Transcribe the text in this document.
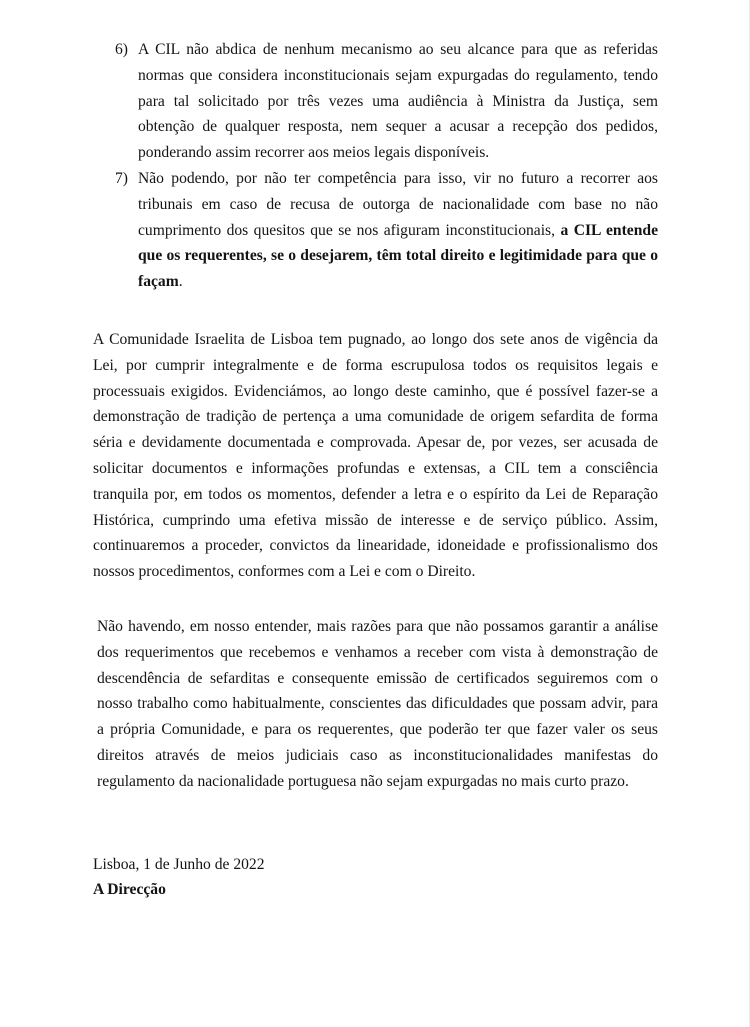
6) A CIL não abdica de nenhum mecanismo ao seu alcance para que as referidas normas que considera inconstitucionais sejam expurgadas do regulamento, tendo para tal solicitado por três vezes uma audiência à Ministra da Justiça, sem obtenção de qualquer resposta, nem sequer a acusar a recepção dos pedidos, ponderando assim recorrer aos meios legais disponíveis.
7) Não podendo, por não ter competência para isso, vir no futuro a recorrer aos tribunais em caso de recusa de outorga de nacionalidade com base no não cumprimento dos quesitos que se nos afiguram inconstitucionais, a CIL entende que os requerentes, se o desejarem, têm total direito e legitimidade para que o façam.

A Comunidade Israelita de Lisboa tem pugnado, ao longo dos sete anos de vigência da Lei, por cumprir integralmente e de forma escrupulosa todos os requisitos legais e processuais exigidos. Evidenciámos, ao longo deste caminho, que é possível fazer-se a demonstração de tradição de pertença a uma comunidade de origem sefardita de forma séria e devidamente documentada e comprovada. Apesar de, por vezes, ser acusada de solicitar documentos e informações profundas e extensas, a CIL tem a consciência tranquila por, em todos os momentos, defender a letra e o espírito da Lei de Reparação Histórica, cumprindo uma efetiva missão de interesse e de serviço público. Assim, continuaremos a proceder, convictos da linearidade, idoneidade e profissionalismo dos nossos procedimentos, conformes com a Lei e com o Direito.

Não havendo, em nosso entender, mais razões para que não possamos garantir a análise dos requerimentos que recebemos e venhamos a receber com vista à demonstração de descendência de sefarditas e consequente emissão de certificados seguiremos com o nosso trabalho como habitualmente, conscientes das dificuldades que possam advir, para a própria Comunidade, e para os requerentes, que poderão ter que fazer valer os seus direitos através de meios judiciais caso as inconstitucionalidades manifestas do regulamento da nacionalidade portuguesa não sejam expurgadas no mais curto prazo.

Lisboa, 1 de Junho de 2022

A Direcção
